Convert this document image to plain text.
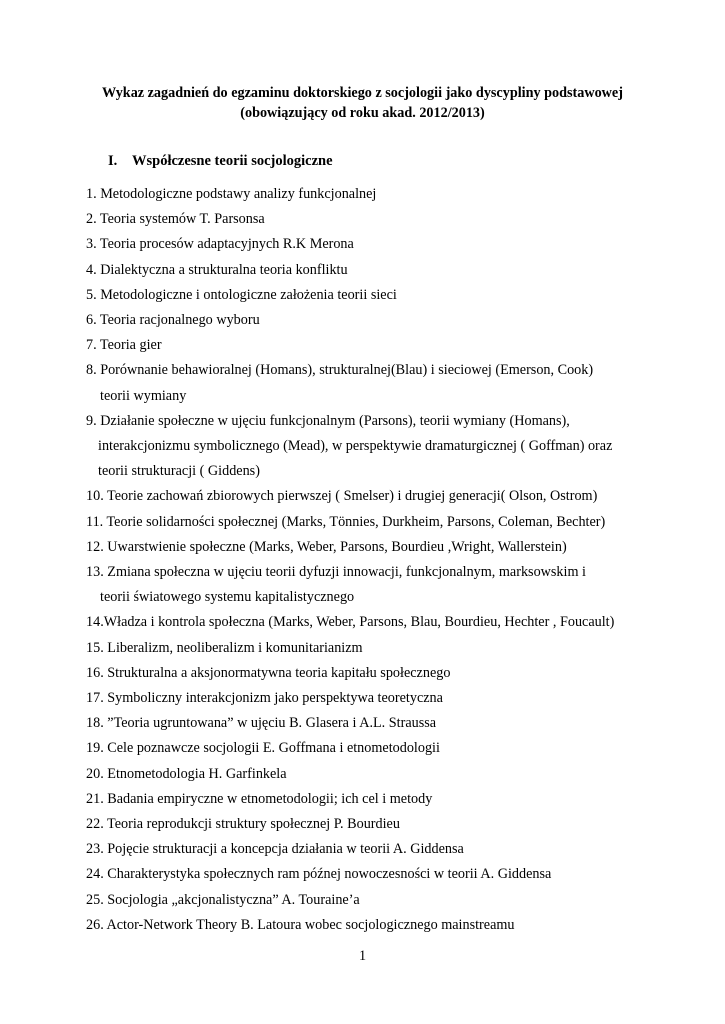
Wykaz zagadnień do egzaminu doktorskiego z socjologii jako dyscypliny podstawowej
(obowiązujący od roku akad. 2012/2013)
I. Współczesne teorii socjologiczne
1. Metodologiczne podstawy analizy funkcjonalnej
2. Teoria systemów T. Parsonsa
3. Teoria procesów adaptacyjnych R.K Merona
4. Dialektyczna a strukturalna teoria konfliktu
5. Metodologiczne i ontologiczne założenia teorii sieci
6. Teoria racjonalnego wyboru
7. Teoria gier
8. Porównanie behawioralnej (Homans), strukturalnej(Blau) i sieciowej (Emerson, Cook)
teorii wymiany
9. Działanie społeczne w ujęciu funkcjonalnym (Parsons), teorii wymiany (Homans),
interakcjonizmu symbolicznego (Mead), w perspektywie dramaturgicznej ( Goffman) oraz
teorii strukturacji ( Giddens)
10. Teorie zachowań zbiorowych pierwszej ( Smelser) i drugiej generacji( Olson, Ostrom)
11. Teorie solidarności społecznej (Marks, Tönnies, Durkheim, Parsons, Coleman, Bechter)
12. Uwarstwienie społeczne (Marks, Weber, Parsons, Bourdieu ,Wright, Wallerstein)
13. Zmiana społeczna w ujęciu teorii dyfuzji innowacji, funkcjonalnym, marksowskim i
teorii światowego systemu kapitalistycznego
14.Władza i kontrola społeczna (Marks, Weber, Parsons, Blau, Bourdieu, Hechter , Foucault)
15. Liberalizm, neoliberalizm i komunitarianizm
16. Strukturalna a aksjonormatywna teoria kapitału społecznego
17. Symboliczny interakcjonizm jako perspektywa teoretyczna
18. ”Teoria ugruntowana” w ujęciu B. Glasera i A.L. Straussa
19. Cele poznawcze socjologii E. Goffmana i etnometodologii
20. Etnometodologia H. Garfinkela
21. Badania empiryczne w etnometodologii; ich cel i metody
22. Teoria reprodukcji struktury społecznej P. Bourdieu
23. Pojęcie strukturacji a koncepcja działania w teorii A. Giddensa
24. Charakterystyka społecznych ram późnej nowoczesności w teorii A. Giddensa
25. Socjologia „akcjonalistyczna” A. Touraine’a
26. Actor-Network Theory B. Latoura wobec socjologicznego mainstreamu
1
